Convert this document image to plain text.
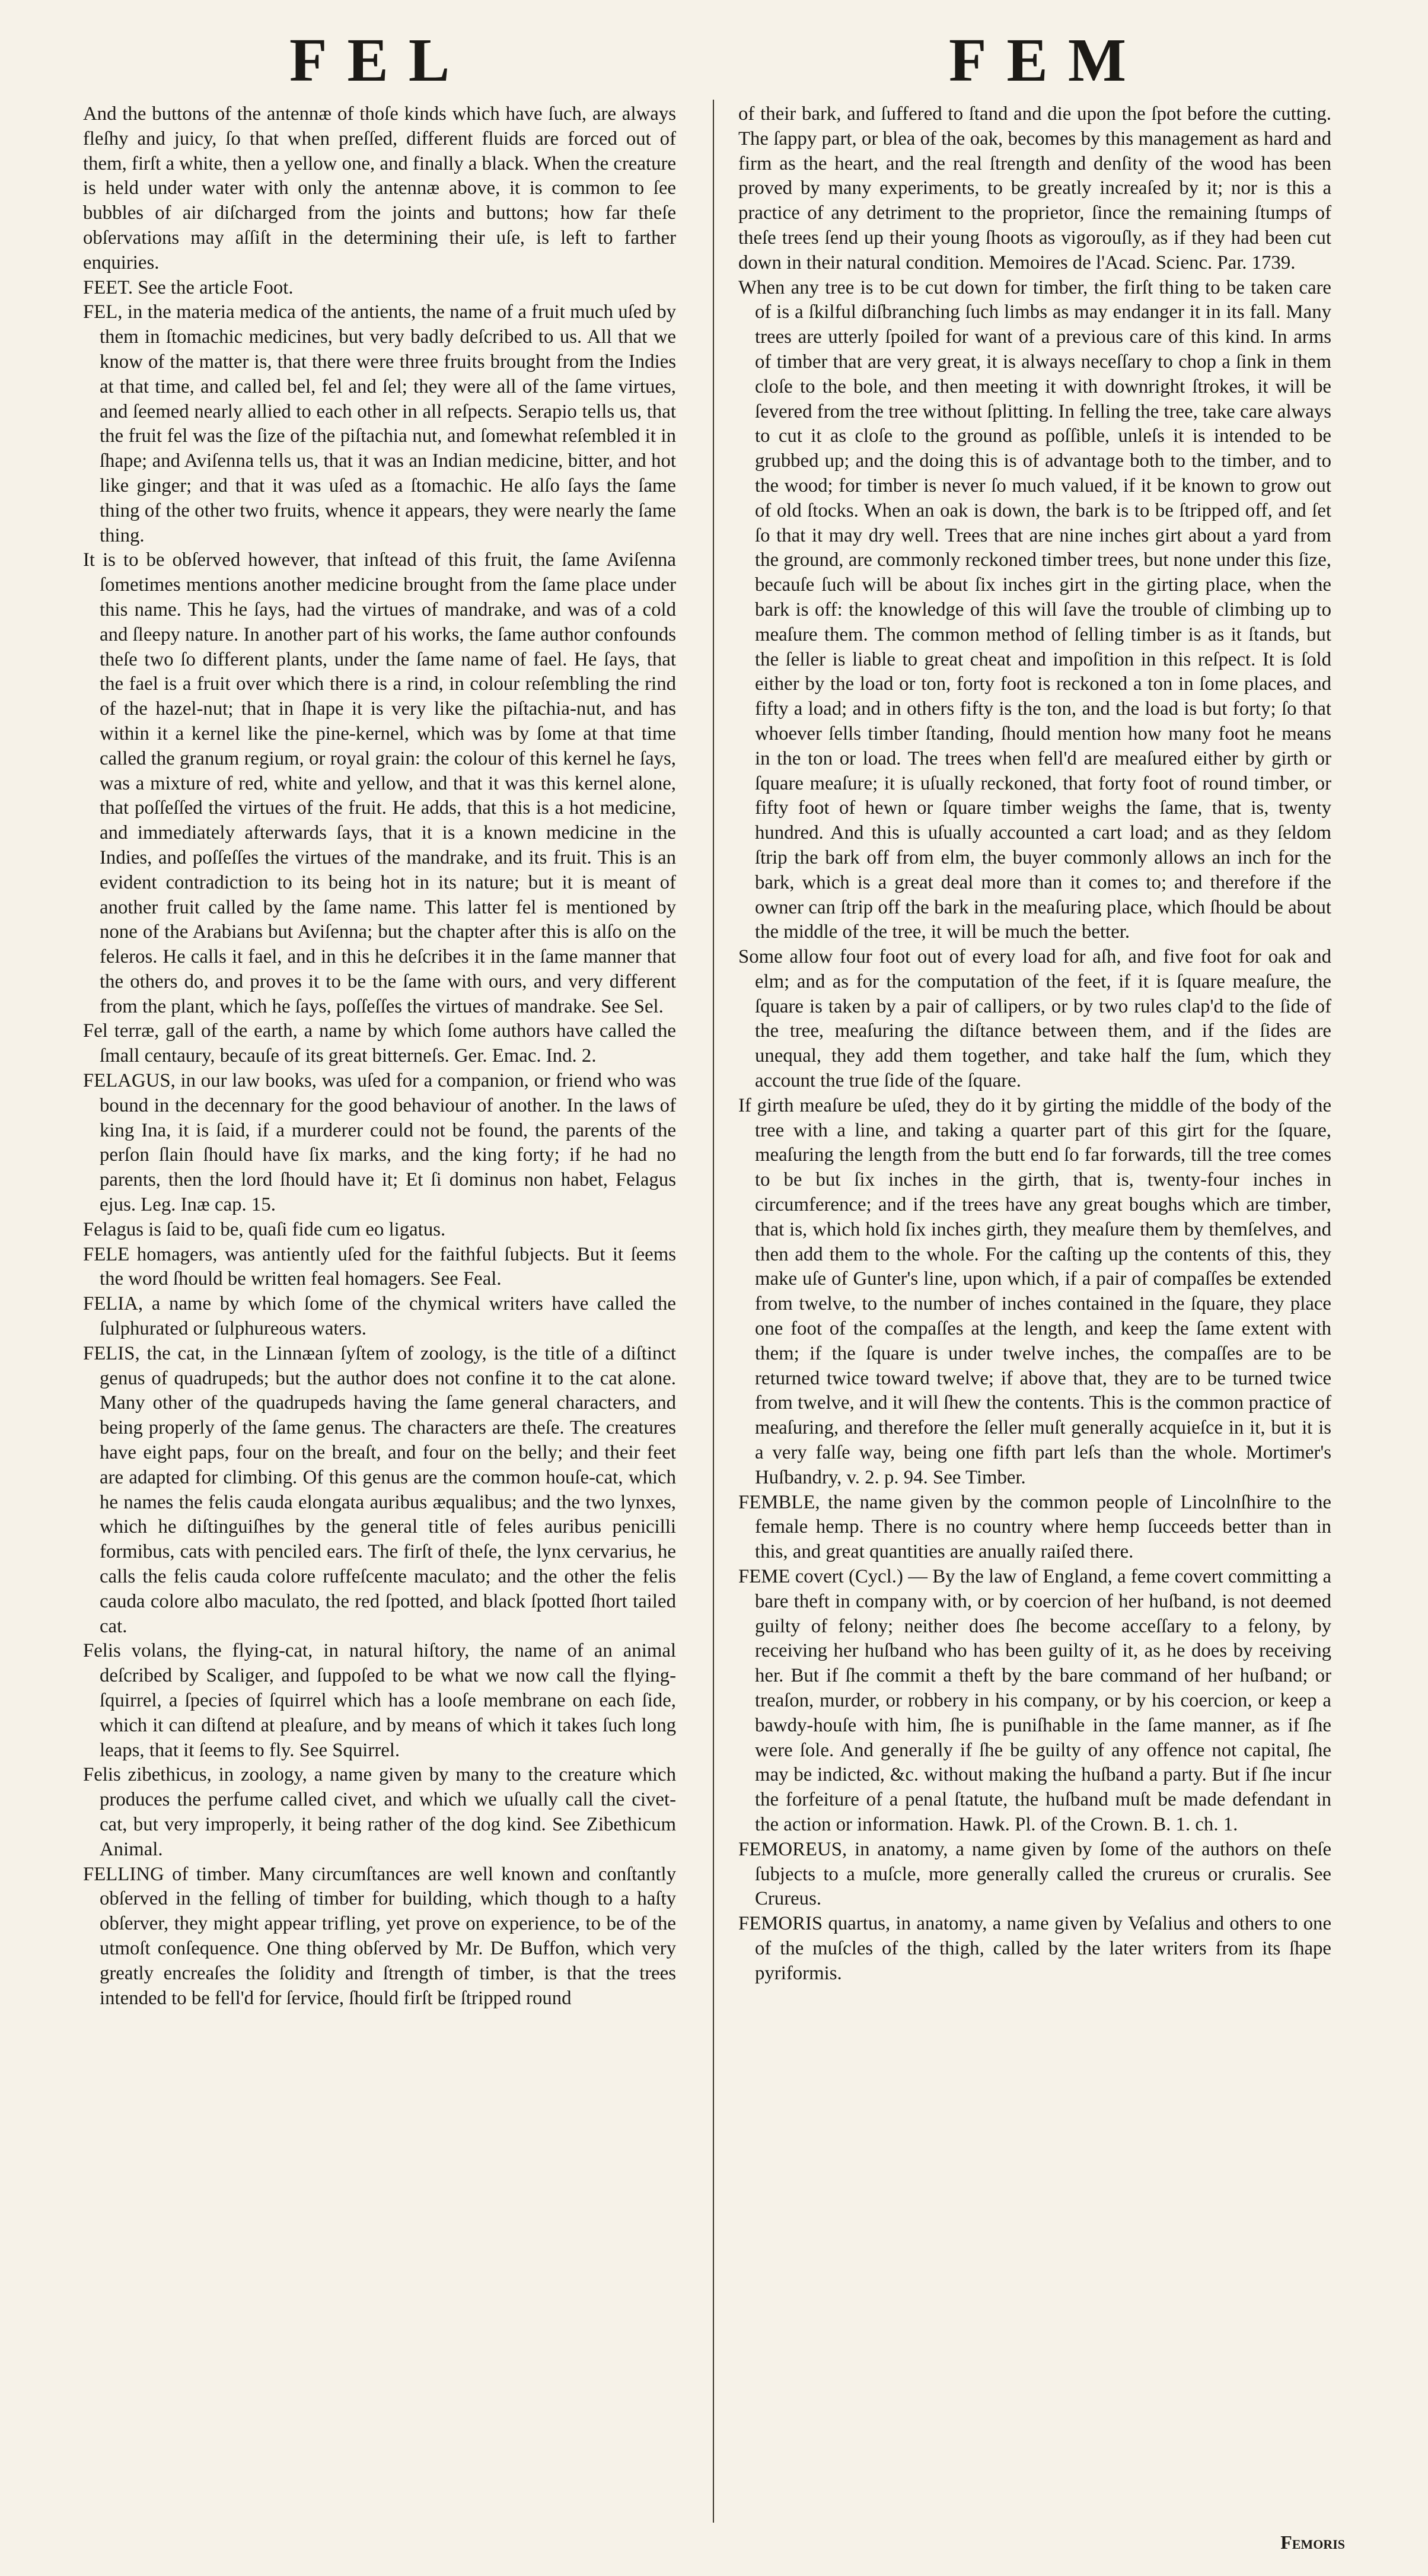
FEL	FEM

And the buttons of the antennæ of thoſe kinds which have ſuch, are always fleſhy and juicy, ſo that when preſſed, different fluids are forced out of them, firſt a white, then a yellow one, and finally a black. When the creature is held under water with only the antennæ above, it is common to ſee bubbles of air diſcharged from the joints and buttons; how far theſe obſervations may aſſiſt in the determining their uſe, is left to farther enquiries.

FEET. See the article Foot.

FEL, in the materia medica of the antients, the name of a fruit much uſed by them in ſtomachic medicines, but very badly deſcribed to us. All that we know of the matter is, that there were three fruits brought from the Indies at that time, and called bel, fel and ſel; they were all of the ſame virtues, and ſeemed nearly allied to each other in all reſpects. Serapio tells us, that the fruit fel was the ſize of the piſtachia nut, and ſomewhat reſembled it in ſhape; and Aviſenna tells us, that it was an Indian medicine, bitter, and hot like ginger; and that it was uſed as a ſtomachic. He alſo ſays the ſame thing of the other two fruits, whence it appears, they were nearly the ſame thing.

It is to be obſerved however, that inſtead of this fruit, the ſame Aviſenna ſometimes mentions another medicine brought from the ſame place under this name. This he ſays, had the virtues of mandrake, and was of a cold and ſleepy nature. In another part of his works, the ſame author confounds theſe two ſo different plants, under the ſame name of fael. He ſays, that the fael is a fruit over which there is a rind, in colour reſembling the rind of the hazel-nut; that in ſhape it is very like the piſtachia-nut, and has within it a kernel like the pine-kernel, which was by ſome at that time called the granum regium, or royal grain: the colour of this kernel he ſays, was a mixture of red, white and yellow, and that it was this kernel alone, that poſſeſſed the virtues of the fruit. He adds, that this is a hot medicine, and immediately afterwards ſays, that it is a known medicine in the Indies, and poſſeſſes the virtues of the mandrake, and its fruit. This is an evident contradiction to its being hot in its nature; but it is meant of another fruit called by the ſame name. This latter fel is mentioned by none of the Arabians but Aviſenna; but the chapter after this is alſo on the feleros. He calls it fael, and in this he deſcribes it in the ſame manner that the others do, and proves it to be the ſame with ours, and very different from the plant, which he ſays, poſſeſſes the virtues of mandrake. See Sel.

Fel terræ, gall of the earth, a name by which ſome authors have called the ſmall centaury, becauſe of its great bitterneſs. Ger. Emac. Ind. 2.

FELAGUS, in our law books, was uſed for a companion, or friend who was bound in the decennary for the good behaviour of another. In the laws of king Ina, it is ſaid, if a murderer could not be found, the parents of the perſon ſlain ſhould have ſix marks, and the king forty; if he had no parents, then the lord ſhould have it; Et ſi dominus non habet, Felagus ejus. Leg. Inæ cap. 15.

Felagus is ſaid to be, quaſi fide cum eo ligatus.

FELE homagers, was antiently uſed for the faithful ſubjects. But it ſeems the word ſhould be written feal homagers. See Feal.

FELIA, a name by which ſome of the chymical writers have called the ſulphurated or ſulphureous waters.

FELIS, the cat, in the Linnæan ſyſtem of zoology, is the title of a diſtinct genus of quadrupeds; but the author does not confine it to the cat alone. Many other of the quadrupeds having the ſame general characters, and being properly of the ſame genus. The characters are theſe. The creatures have eight paps, four on the breaſt, and four on the belly; and their feet are adapted for climbing. Of this genus are the common houſe-cat, which he names the felis cauda elongata auribus æqualibus; and the two lynxes, which he diſtinguiſhes by the general title of feles auribus penicilli formibus, cats with penciled ears. The firſt of theſe, the lynx cervarius, he calls the felis cauda colore ruffeſcente maculato; and the other the felis cauda colore albo maculato, the red ſpotted, and black ſpotted ſhort tailed cat.

Felis volans, the flying-cat, in natural hiſtory, the name of an animal deſcribed by Scaliger, and ſuppoſed to be what we now call the flying-ſquirrel, a ſpecies of ſquirrel which has a looſe membrane on each ſide, which it can diſtend at pleaſure, and by means of which it takes ſuch long leaps, that it ſeems to fly. See Squirrel.

Felis zibethicus, in zoology, a name given by many to the creature which produces the perfume called civet, and which we uſually call the civet-cat, but very improperly, it being rather of the dog kind. See Zibethicum Animal.

FELLING of timber. Many circumſtances are well known and conſtantly obſerved in the felling of timber for building, which though to a haſty obſerver, they might appear trifling, yet prove on experience, to be of the utmoſt conſequence. One thing obſerved by Mr. De Buffon, which very greatly encreaſes the ſolidity and ſtrength of timber, is that the trees intended to be fell'd for ſervice, ſhould firſt be ſtripped round

of their bark, and ſuffered to ſtand and die upon the ſpot before the cutting. The ſappy part, or blea of the oak, becomes by this management as hard and firm as the heart, and the real ſtrength and denſity of the wood has been proved by many experiments, to be greatly increaſed by it; nor is this a practice of any detriment to the proprietor, ſince the remaining ſtumps of theſe trees ſend up their young ſhoots as vigorouſly, as if they had been cut down in their natural condition. Memoires de l'Acad. Scienc. Par. 1739.

When any tree is to be cut down for timber, the firſt thing to be taken care of is a ſkilful diſbranching ſuch limbs as may endanger it in its fall. Many trees are utterly ſpoiled for want of a previous care of this kind. In arms of timber that are very great, it is always neceſſary to chop a ſink in them cloſe to the bole, and then meeting it with downright ſtrokes, it will be ſevered from the tree without ſplitting. In felling the tree, take care always to cut it as cloſe to the ground as poſſible, unleſs it is intended to be grubbed up; and the doing this is of advantage both to the timber, and to the wood; for timber is never ſo much valued, if it be known to grow out of old ſtocks. When an oak is down, the bark is to be ſtripped off, and ſet ſo that it may dry well. Trees that are nine inches girt about a yard from the ground, are commonly reckoned timber trees, but none under this ſize, becauſe ſuch will be about ſix inches girt in the girting place, when the bark is off: the knowledge of this will ſave the trouble of climbing up to meaſure them. The common method of ſelling timber is as it ſtands, but the ſeller is liable to great cheat and impoſition in this reſpect. It is ſold either by the load or ton, forty foot is reckoned a ton in ſome places, and fifty a load; and in others fifty is the ton, and the load is but forty; ſo that whoever ſells timber ſtanding, ſhould mention how many foot he means in the ton or load. The trees when fell'd are meaſured either by girth or ſquare meaſure; it is uſually reckoned, that forty foot of round timber, or fifty foot of hewn or ſquare timber weighs the ſame, that is, twenty hundred. And this is uſually accounted a cart load; and as they ſeldom ſtrip the bark off from elm, the buyer commonly allows an inch for the bark, which is a great deal more than it comes to; and therefore if the owner can ſtrip off the bark in the meaſuring place, which ſhould be about the middle of the tree, it will be much the better.

Some allow four foot out of every load for aſh, and five foot for oak and elm; and as for the computation of the feet, if it is ſquare meaſure, the ſquare is taken by a pair of callipers, or by two rules clap'd to the ſide of the tree, meaſuring the diſtance between them, and if the ſides are unequal, they add them together, and take half the ſum, which they account the true ſide of the ſquare.

If girth meaſure be uſed, they do it by girting the middle of the body of the tree with a line, and taking a quarter part of this girt for the ſquare, meaſuring the length from the butt end ſo far forwards, till the tree comes to be but ſix inches in the girth, that is, twenty-four inches in circumference; and if the trees have any great boughs which are timber, that is, which hold ſix inches girth, they meaſure them by themſelves, and then add them to the whole. For the caſting up the contents of this, they make uſe of Gunter's line, upon which, if a pair of compaſſes be extended from twelve, to the number of inches contained in the ſquare, they place one foot of the compaſſes at the length, and keep the ſame extent with them; if the ſquare is under twelve inches, the compaſſes are to be returned twice toward twelve; if above that, they are to be turned twice from twelve, and it will ſhew the contents. This is the common practice of meaſuring, and therefore the ſeller muſt generally acquieſce in it, but it is a very falſe way, being one fifth part leſs than the whole. Mortimer's Huſbandry, v. 2. p. 94. See Timber.

FEMBLE, the name given by the common people of Lincolnſhire to the female hemp. There is no country where hemp ſucceeds better than in this, and great quantities are anually raiſed there.

FEME covert (Cycl.) — By the law of England, a feme covert committing a bare theft in company with, or by coercion of her huſband, is not deemed guilty of felony; neither does ſhe become acceſſary to a felony, by receiving her huſband who has been guilty of it, as he does by receiving her. But if ſhe commit a theft by the bare command of her huſband; or treaſon, murder, or robbery in his company, or by his coercion, or keep a bawdy-houſe with him, ſhe is puniſhable in the ſame manner, as if ſhe were ſole. And generally if ſhe be guilty of any offence not capital, ſhe may be indicted, &c. without making the huſband a party. But if ſhe incur the forfeiture of a penal ſtatute, the huſband muſt be made defendant in the action or information. Hawk. Pl. of the Crown. B. 1. ch. 1.

FEMOREUS, in anatomy, a name given by ſome of the authors on theſe ſubjects to a muſcle, more generally called the crureus or cruralis. See Crureus.

FEMORIS quartus, in anatomy, a name given by Veſalius and others to one of the muſcles of the thigh, called by the later writers from its ſhape pyriformis.

Femoris
